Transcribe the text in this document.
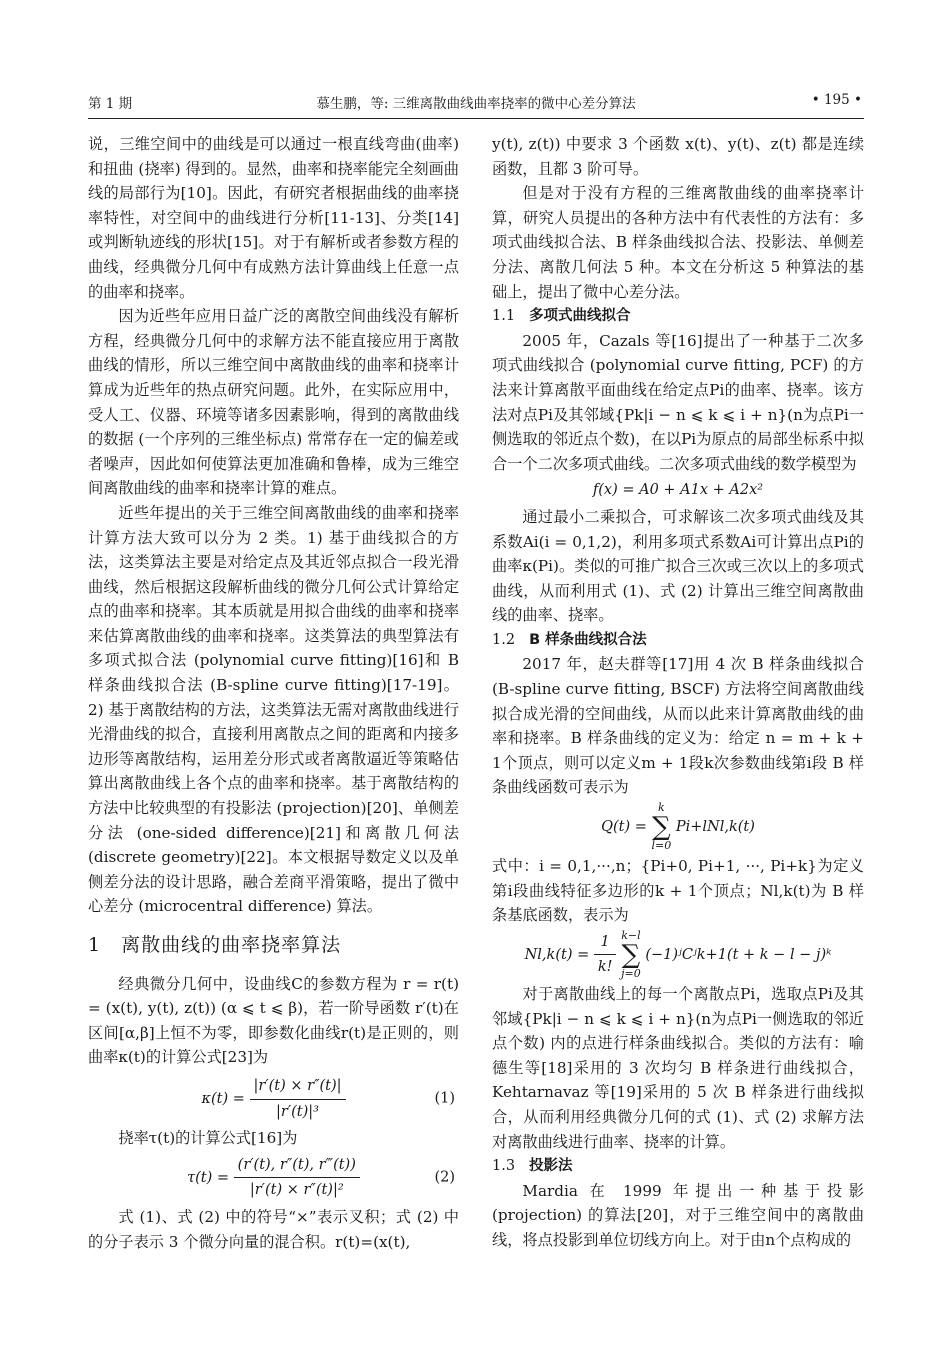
第 1 期	慕生鹏，等: 三维离散曲线曲率挠率的微中心差分算法	• 195 •

说，三维空间中的曲线是可以通过一根直线弯曲(曲率) 和扭曲 (挠率) 得到的。显然，曲率和挠率能完全刻画曲线的局部行为[10]。因此，有研究者根据曲线的曲率挠率特性，对空间中的曲线进行分析[11-13]、分类[14]或判断轨迹线的形状[15]。对于有解析或者参数方程的曲线，经典微分几何中有成熟方法计算曲线上任意一点的曲率和挠率。

因为近些年应用日益广泛的离散空间曲线没有解析方程，经典微分几何中的求解方法不能直接应用于离散曲线的情形，所以三维空间中离散曲线的曲率和挠率计算成为近些年的热点研究问题。此外，在实际应用中，受人工、仪器、环境等诸多因素影响，得到的离散曲线的数据 (一个序列的三维坐标点) 常常存在一定的偏差或者噪声，因此如何使算法更加准确和鲁棒，成为三维空间离散曲线的曲率和挠率计算的难点。

近些年提出的关于三维空间离散曲线的曲率和挠率计算方法大致可以分为 2 类。1) 基于曲线拟合的方法，这类算法主要是对给定点及其近邻点拟合一段光滑曲线，然后根据这段解析曲线的微分几何公式计算给定点的曲率和挠率。其本质就是用拟合曲线的曲率和挠率来估算离散曲线的曲率和挠率。这类算法的典型算法有多项式拟合法 (polynomial curve fitting)[16]和 B 样条曲线拟合法 (B-spline curve fitting)[17-19]。2) 基于离散结构的方法，这类算法无需对离散曲线进行光滑曲线的拟合，直接利用离散点之间的距离和内接多边形等离散结构，运用差分形式或者离散逼近等策略估算出离散曲线上各个点的曲率和挠率。基于离散结构的方法中比较典型的有投影法 (projection)[20]、单侧差分法 (one-sided difference)[21]和离散几何法 (discrete geometry)[22]。本文根据导数定义以及单侧差分法的设计思路，融合差商平滑策略，提出了微中心差分 (microcentral difference) 算法。

1　离散曲线的曲率挠率算法

经典微分几何中，设曲线C的参数方程为 r = r(t) = (x(t), y(t), z(t)) (α ⩽ t ⩽ β)，若一阶导函数 r′(t)在区间[α,β]上恒不为零，即参数化曲线r(t)是正则的，则曲率κ(t)的计算公式[23]为

$\kappa(t) = \frac{|r'(t) \times r''(t)|}{\text{|r′(t)|³}}$	(1)

挠率τ(t)的计算公式[16]为

$\tau(t) = \frac{(r'(t), r''(t), r‴(t))}{\text{|r′(t) × r″(t)|²}}$	(2)

式 (1)、式 (2) 中的符号“×”表示叉积；式 (2) 中的分子表示 3 个微分向量的混合积。r(t)=(x(t),

y(t), z(t)) 中要求 3 个函数 x(t)、y(t)、z(t) 都是连续函数，且都 3 阶可导。

但是对于没有方程的三维离散曲线的曲率挠率计算，研究人员提出的各种方法中有代表性的方法有：多项式曲线拟合法、B 样条曲线拟合法、投影法、单侧差分法、离散几何法 5 种。本文在分析这 5 种算法的基础上，提出了微中心差分法。

1.1 多项式曲线拟合

2005 年，Cazals 等[16]提出了一种基于二次多项式曲线拟合 (polynomial curve fitting, PCF) 的方法来计算离散平面曲线在给定点Pi的曲率、挠率。该方法对点Pi及其邻域{Pk|i − n ⩽ k ⩽ i + n}(n为点Pi一侧选取的邻近点个数)，在以Pi为原点的局部坐标系中拟合一个二次多项式曲线。二次多项式曲线的数学模型为

f(x) = A0 + A1x + A2x²

通过最小二乘拟合，可求解该二次多项式曲线及其系数Ai(i = 0,1,2)，利用多项式系数Ai可计算出点Pi的曲率κ(Pi)。类似的可推广拟合三次或三次以上的多项式曲线，从而利用式 (1)、式 (2) 计算出三维空间离散曲线的曲率、挠率。

1.2 B 样条曲线拟合法

2017 年，赵夫群等[17]用 4 次 B 样条曲线拟合 (B-spline curve fitting, BSCF) 方法将空间离散曲线拟合成光滑的空间曲线，从而以此来计算离散曲线的曲率和挠率。B 样条曲线的定义为：给定 n = m + k + 1个顶点，则可以定义m + 1段k次参数曲线第i段 B 样条曲线函数可表示为

Q(t) =
k
∑
l=0
Pi+lNl,k(t)

式中：i = 0,1,···,n；{Pi+0, Pi+1, ···, Pi+k}为定义第i段曲线特征多边形的k + 1个顶点；Nl,k(t)为 B 样条基底函数，表示为

$Nl,k(t) = \frac{1}{k!}$
k−l
∑
j=0
(−1)ʲCʲk+1(t + k − l − j)ᵏ

对于离散曲线上的每一个离散点Pi，选取点Pi及其邻域{Pk|i − n ⩽ k ⩽ i + n}(n为点Pi一侧选取的邻近点个数) 内的点进行样条曲线拟合。类似的方法有：喻德生等[18]采用的 3 次均匀 B 样条进行曲线拟合，Kehtarnavaz 等[19]采用的 5 次 B 样条进行曲线拟合，从而利用经典微分几何的式 (1)、式 (2) 求解方法对离散曲线进行曲率、挠率的计算。

1.3 投影法

Mardia 在 1999 年提出一种基于投影 (projection) 的算法[20]，对于三维空间中的离散曲线，将点投影到单位切线方向上。对于由n个点构成的
